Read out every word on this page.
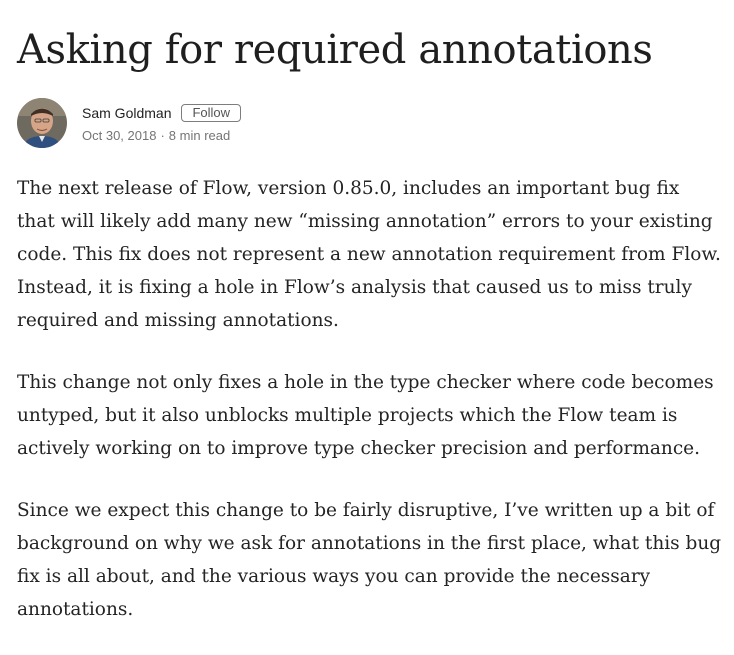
Asking for required annotations
Sam Goldman	Follow
Oct 30, 2018 · 8 min read

The next release of Flow, version 0.85.0, includes an important bug fix that will likely add many new “missing annotation” errors to your existing code. This fix does not represent a new annotation requirement from Flow. Instead, it is fixing a hole in Flow’s analysis that caused us to miss truly required and missing annotations.

This change not only fixes a hole in the type checker where code becomes untyped, but it also unblocks multiple projects which the Flow team is actively working on to improve type checker precision and performance.

Since we expect this change to be fairly disruptive, I’ve written up a bit of background on why we ask for annotations in the first place, what this bug fix is all about, and the various ways you can provide the necessary annotations.
